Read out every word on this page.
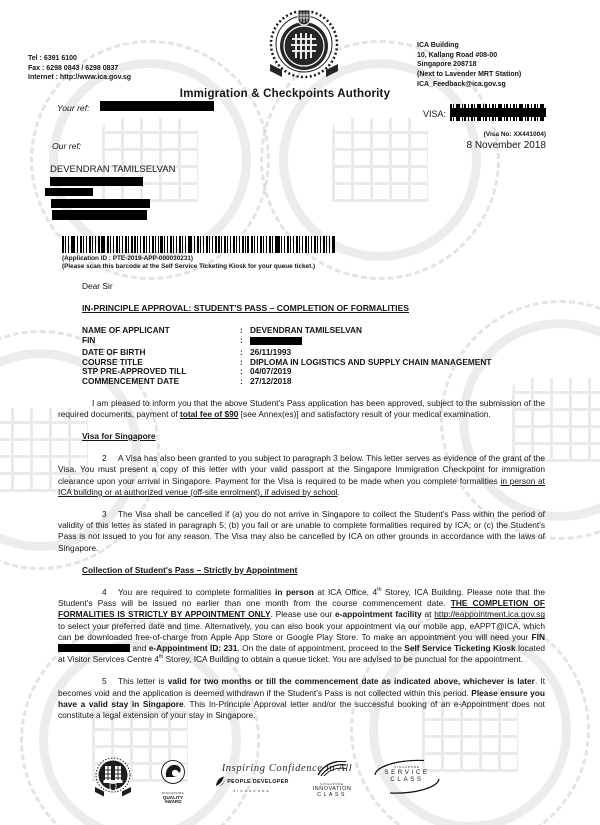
Tel : 6391 6100
Fax : 6298 0843 / 6298 0837
Internet : http://www.ica.gov.sg
ICA Building
10, Kallang Road #08-00
Singapore 208718
(Next to Lavender MRT Station)
ICA_Feedback@ica.gov.sg
Immigration & Checkpoints Authority
Your ref:
VISA:
(Visa No: XX441004)
8 November 2018
Our ref:
DEVENDRAN TAMILSELVAN
(Application ID : PTE-2019-APP-000030231)
(Please scan this barcode at the Self Service Ticketing Kiosk for your queue ticket.)
Dear Sir
IN-PRINCIPLE APPROVAL: STUDENT'S PASS – COMPLETION OF FORMALITIES
NAME OF APPLICANT	: DEVENDRAN TAMILSELVAN
FIN	:
DATE OF BIRTH	: 26/11/1993
COURSE TITLE	: DIPLOMA IN LOGISTICS AND SUPPLY CHAIN MANAGEMENT
STP PRE-APPROVED TILL	: 04/07/2019
COMMENCEMENT DATE	: 27/12/2018

I am pleased to inform you that the above Student's Pass application has been approved, subject to the submission of the required documents, payment of total fee of $90 [see Annex(es)] and satisfactory result of your medical examination.

Visa for Singapore

2 A Visa has also been granted to you subject to paragraph 3 below. This letter serves as evidence of the grant of the Visa. You must present a copy of this letter with your valid passport at the Singapore Immigration Checkpoint for immigration clearance upon your arrival in Singapore. Payment for the Visa is required to be made when you complete formalities in person at ICA building or at authorized venue (off-site enrolment), if advised by school.

3 The Visa shall be cancelled if (a) you do not arrive in Singapore to collect the Student's Pass within the period of validity of this letter as stated in paragraph 5; (b) you fail or are unable to complete formalities required by ICA; or (c) the Student's Pass is not issued to you for any reason. The Visa may also be cancelled by ICA on other grounds in accordance with the laws of Singapore.

Collection of Student's Pass – Strictly by Appointment

4 You are required to complete formalities in person at ICA Office, 4th Storey, ICA Building. Please note that the Student's Pass will be issued no earlier than one month from the course commencement date. THE COMPLETION OF FORMALITIES IS STRICTLY BY APPOINTMENT ONLY. Please use our e-appointment facility at http://eappointment.ica.gov.sg to select your preferred date and time. Alternatively, you can also book your appointment via our mobile app, eAPPT@ICA, which can be downloaded free-of-charge from Apple App Store or Google Play Store. To make an appointment you will need your FIN  and e-Appointment ID: 231. On the date of appointment, proceed to the Self Service Ticketing Kiosk located at Visitor Services Centre 4th Storey, ICA Building to obtain a queue ticket. You are advised to be punctual for the appointment.

5 This letter is valid for two months or till the commencement date as indicated above, whichever is later. It becomes void and the application is deemed withdrawn if the Student's Pass is not collected within this period. Please ensure you have a valid stay in Singapore. This In-Principle Approval letter and/or the successful booking of an e-Appointment does not constitute a legal extension of your stay in Singapore.

Inspiring Confidence in All
SINGAPORE
QUALITY
AWARD
PEOPLE DEVELOPER
SINGAPORE
SINGAPORE
INNOVATION
CLASS
SINGAPORE
SERVICE
CLASS
